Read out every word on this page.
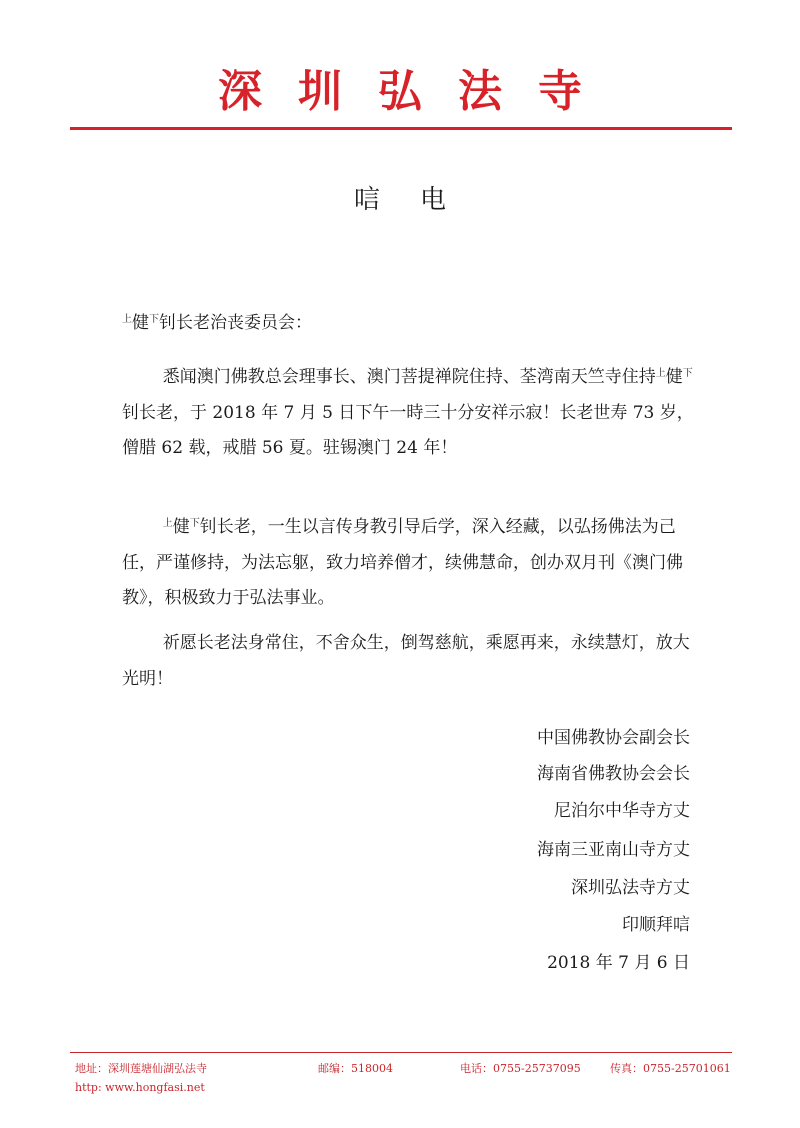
深圳弘法寺
唁电
$^上$健$^下$钊长老治丧委员会：

悉闻澳门佛教总会理事长、澳门菩提禅院住持、荃湾南天竺寺住持$^上$健$^下$钊长老，于 2018 年 7 月 5 日下午一時三十分安祥示寂！长老世寿 73 岁，僧腊 62 载，戒腊 56 夏。驻锡澳门 24 年！

$^上$健$^下$钊长老，一生以言传身教引导后学，深入经藏，以弘扬佛法为己任，严谨修持，为法忘躯，致力培养僧才，续佛慧命，创办双月刊《澳门佛教》，积极致力于弘法事业。

祈愿长老法身常住，不舍众生，倒驾慈航，乘愿再来，永续慧灯，放大光明！

中国佛教协会副会长
海南省佛教协会会长
尼泊尔中华寺方丈
海南三亚南山寺方丈
深圳弘法寺方丈
印顺拜唁
2018 年 7 月 6 日
地址：深圳莲塘仙湖弘法寺	邮编：518004	电话：0755-25737095	传真：0755-25701061
http: www.hongfasi.net
